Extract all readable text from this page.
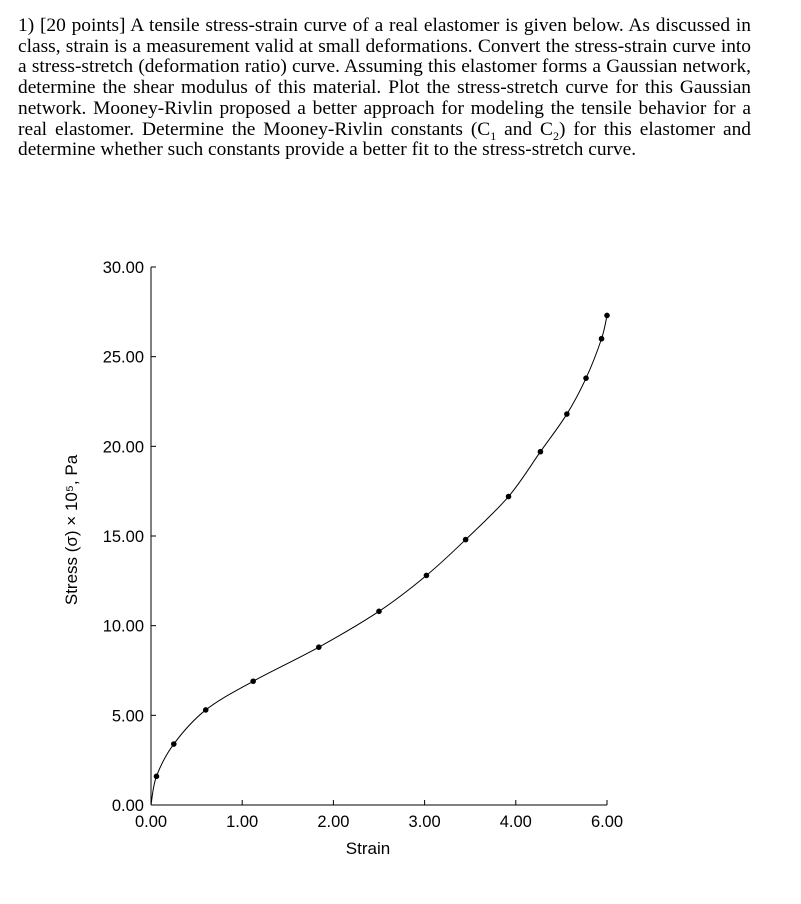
1) [20 points] A tensile stress-strain curve of a real elastomer is given below. As discussed in class, strain is a measurement valid at small deformations. Convert the stress-strain curve into a stress-stretch (deformation ratio) curve. Assuming this elastomer forms a Gaussian network, determine the shear modulus of this material. Plot the stress-stretch curve for this Gaussian network. Mooney-Rivlin proposed a better approach for modeling the tensile behavior for a real elastomer. Determine the Mooney-Rivlin constants ($C_1$ and $C_2$) for this elastomer and determine whether such constants provide a better fit to the stress-stretch curve.
30.00
25.00
20.00
15.00
10.00
5.00
0.00
0.00	1.00	2.00	3.00	4.00	6.00
Strain
Stress (σ) × 10⁵, Pa
